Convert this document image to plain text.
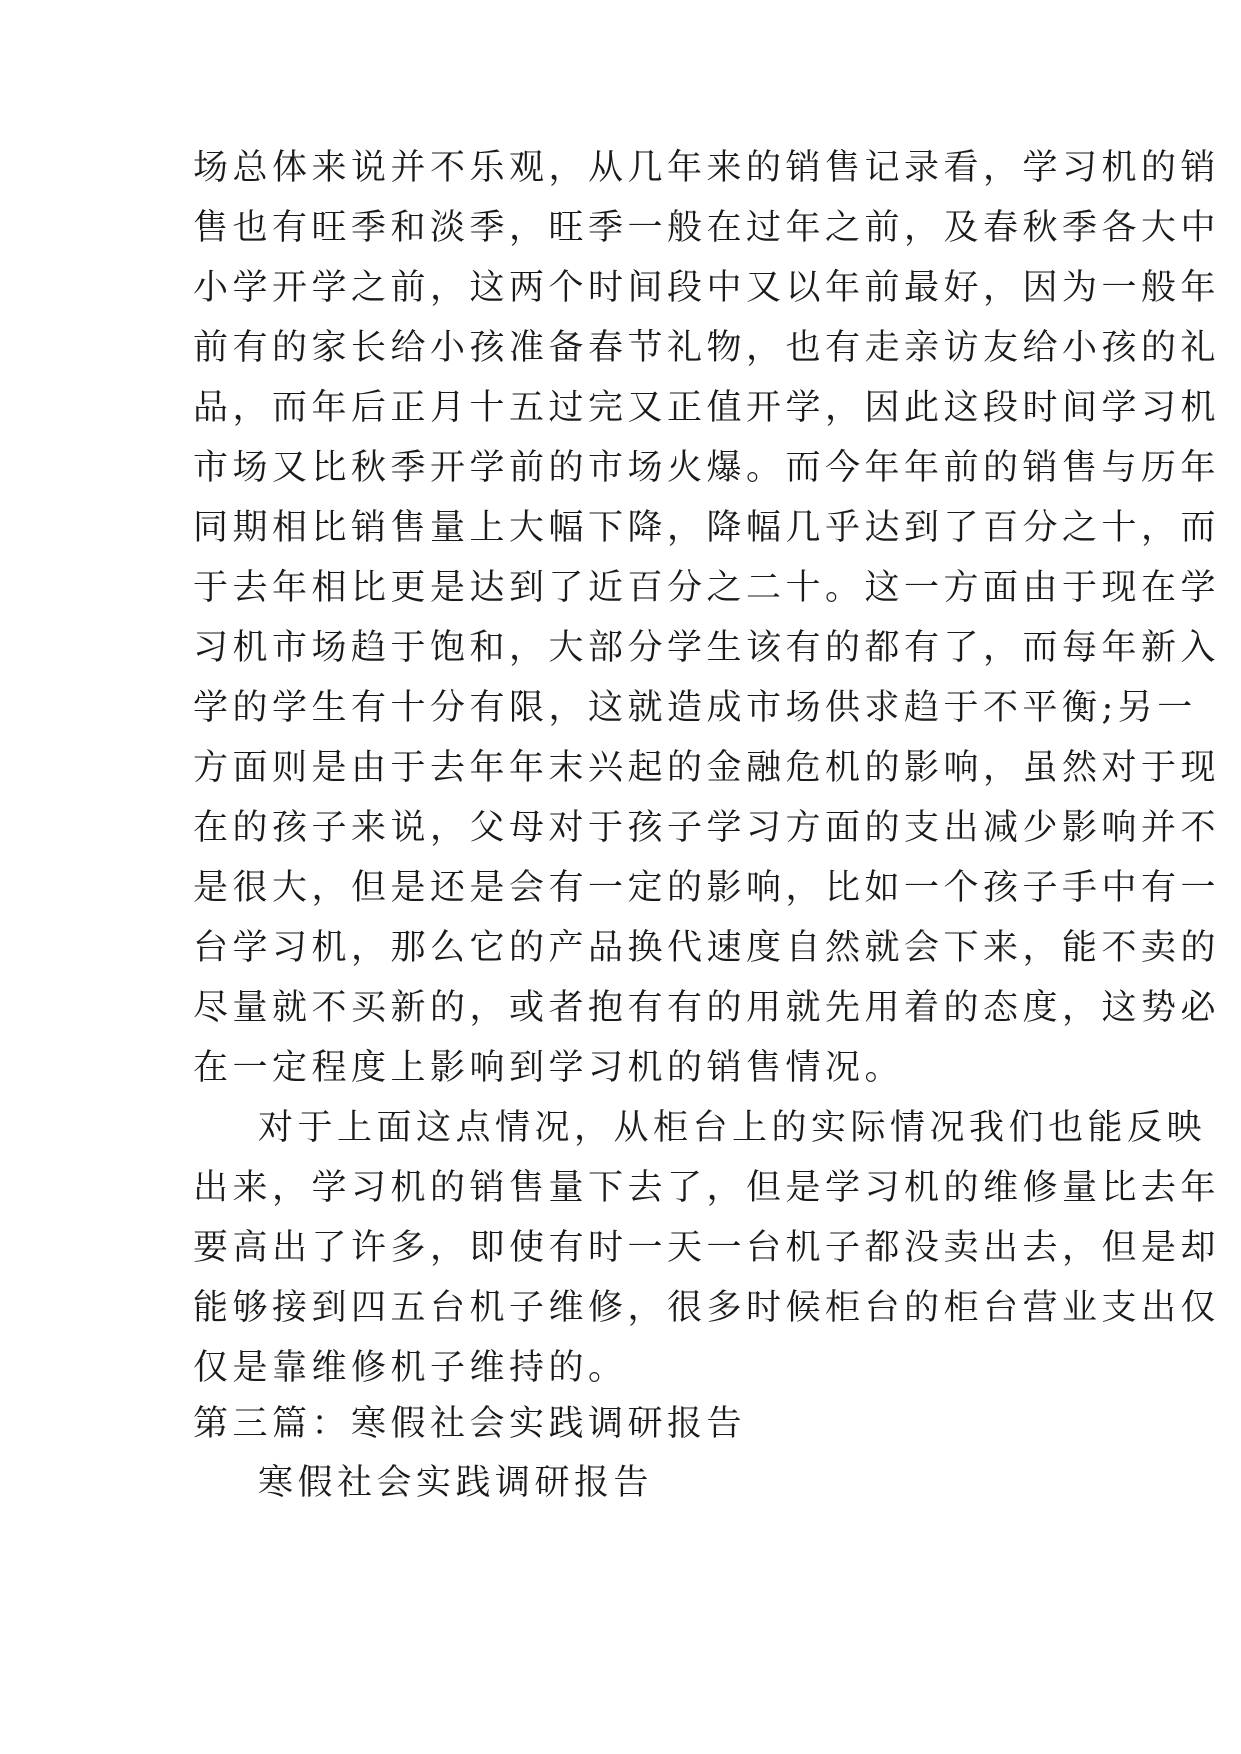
场总体来说并不乐观，从几年来的销售记录看，学习机的销
售也有旺季和淡季，旺季一般在过年之前，及春秋季各大中
小学开学之前，这两个时间段中又以年前最好，因为一般年
前有的家长给小孩准备春节礼物，也有走亲访友给小孩的礼
品，而年后正月十五过完又正值开学，因此这段时间学习机
市场又比秋季开学前的市场火爆。而今年年前的销售与历年
同期相比销售量上大幅下降，降幅几乎达到了百分之十，而
于去年相比更是达到了近百分之二十。这一方面由于现在学
习机市场趋于饱和，大部分学生该有的都有了，而每年新入
学的学生有十分有限，这就造成市场供求趋于不平衡;另一
方面则是由于去年年末兴起的金融危机的影响，虽然对于现
在的孩子来说，父母对于孩子学习方面的支出减少影响并不
是很大，但是还是会有一定的影响，比如一个孩子手中有一
台学习机，那么它的产品换代速度自然就会下来，能不卖的
尽量就不买新的，或者抱有有的用就先用着的态度，这势必
在一定程度上影响到学习机的销售情况。
对于上面这点情况，从柜台上的实际情况我们也能反映
出来，学习机的销售量下去了，但是学习机的维修量比去年
要高出了许多，即使有时一天一台机子都没卖出去，但是却
能够接到四五台机子维修，很多时候柜台的柜台营业支出仅
仅是靠维修机子维持的。
第三篇：寒假社会实践调研报告
寒假社会实践调研报告
